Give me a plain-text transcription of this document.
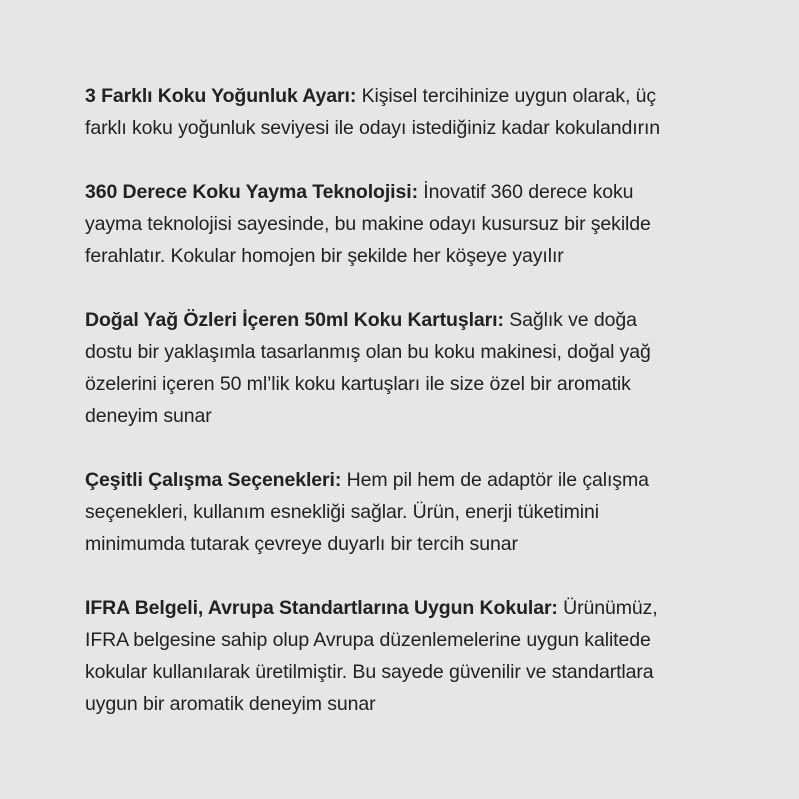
3 Farklı Koku Yoğunluk Ayarı: Kişisel tercihinize uygun olarak, üç
farklı koku yoğunluk seviyesi ile odayı istediğiniz kadar kokulandırın

360 Derece Koku Yayma Teknolojisi: İnovatif 360 derece koku
yayma teknolojisi sayesinde, bu makine odayı kusursuz bir şekilde
ferahlatır. Kokular homojen bir şekilde her köşeye yayılır

Doğal Yağ Özleri İçeren 50ml Koku Kartuşları: Sağlık ve doğa
dostu bir yaklaşımla tasarlanmış olan bu koku makinesi, doğal yağ
özelerini içeren 50 ml’lik koku kartuşları ile size özel bir aromatik
deneyim sunar

Çeşitli Çalışma Seçenekleri: Hem pil hem de adaptör ile çalışma
seçenekleri, kullanım esnekliği sağlar. Ürün, enerji tüketimini
minimumda tutarak çevreye duyarlı bir tercih sunar

IFRA Belgeli, Avrupa Standartlarına Uygun Kokular: Ürünümüz,
IFRA belgesine sahip olup Avrupa düzenlemelerine uygun kalitede
kokular kullanılarak üretilmiştir. Bu sayede güvenilir ve standartlara
uygun bir aromatik deneyim sunar
